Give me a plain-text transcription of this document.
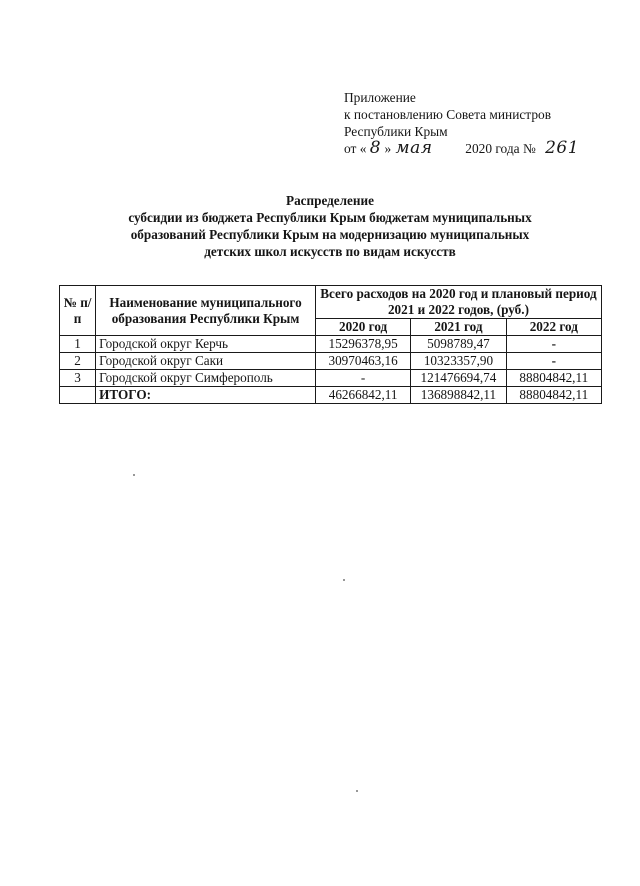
Приложение
к постановлению Совета министров
Республики Крым
от « 8 » мая 2020 года № 261
Распределение
субсидии из бюджета Республики Крым бюджетам муниципальных
образований Республики Крым на модернизацию муниципальных
детских школ искусств по видам искусств
№ п/п	Наименование муниципального образования Республики Крым	Всего расходов на 2020 год и плановый период 2021 и 2022 годов, (руб.)		
		2020 год	2021 год	2022 год
1	Городской округ Керчь	15296378,95	5098789,47	-
2	Городской округ Саки	30970463,16	10323357,90	-
3	Городской округ Симферополь	-	121476694,74	88804842,11
	ИТОГО:	46266842,11	136898842,11	88804842,11
